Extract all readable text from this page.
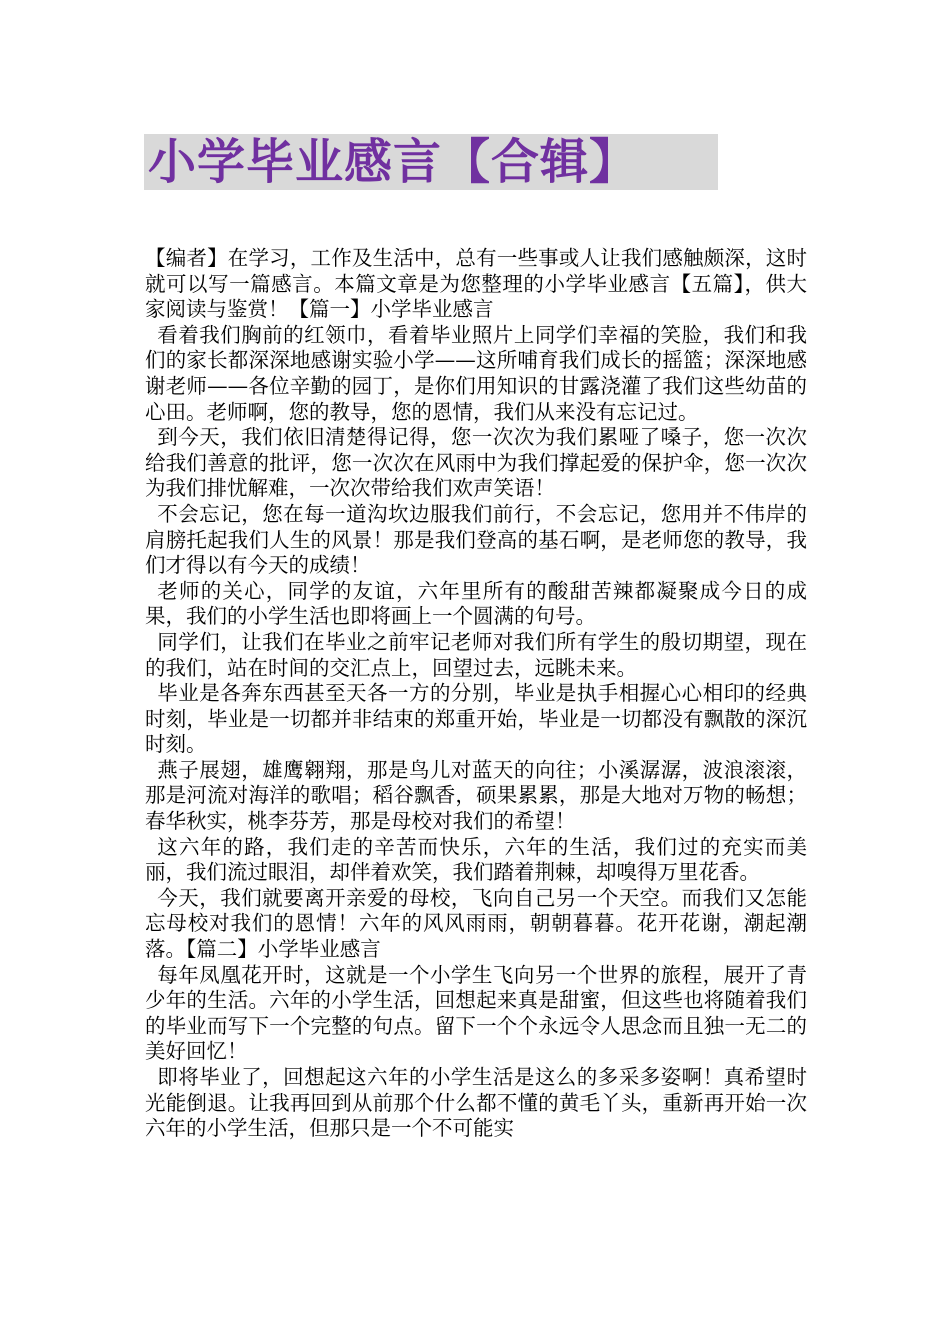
小学毕业感言【合辑】

【编者】在学习，工作及生活中，总有一些事或人让我们感触颇深，这时就可以写一篇感言。本篇文章是为您整理的小学毕业感言【五篇】，供大家阅读与鉴赏！【篇一】小学毕业感言

看着我们胸前的红领巾，看着毕业照片上同学们幸福的笑脸，我们和我们的家长都深深地感谢实验小学——这所哺育我们成长的摇篮；深深地感谢老师——各位辛勤的园丁，是你们用知识的甘露浇灌了我们这些幼苗的心田。老师啊，您的教导，您的恩情，我们从来没有忘记过。

到今天，我们依旧清楚得记得，您一次次为我们累哑了嗓子，您一次次给我们善意的批评，您一次次在风雨中为我们撑起爱的保护伞，您一次次为我们排忧解难，一次次带给我们欢声笑语！

不会忘记，您在每一道沟坎边服我们前行，不会忘记，您用并不伟岸的肩膀托起我们人生的风景！那是我们登高的基石啊，是老师您的教导，我们才得以有今天的成绩！

老师的关心，同学的友谊，六年里所有的酸甜苦辣都凝聚成今日的成果，我们的小学生活也即将画上一个圆满的句号。

同学们，让我们在毕业之前牢记老师对我们所有学生的殷切期望，现在的我们，站在时间的交汇点上，回望过去，远眺未来。

毕业是各奔东西甚至天各一方的分别，毕业是执手相握心心相印的经典时刻，毕业是一切都并非结束的郑重开始，毕业是一切都没有飘散的深沉时刻。

燕子展翅，雄鹰翱翔，那是鸟儿对蓝天的向往；小溪潺潺，波浪滚滚，那是河流对海洋的歌唱；稻谷飘香，硕果累累，那是大地对万物的畅想；春华秋实，桃李芬芳，那是母校对我们的希望！

这六年的路，我们走的辛苦而快乐，六年的生活，我们过的充实而美丽，我们流过眼泪，却伴着欢笑，我们踏着荆棘，却嗅得万里花香。

今天，我们就要离开亲爱的母校，飞向自己另一个天空。而我们又怎能忘母校对我们的恩情！六年的风风雨雨，朝朝暮暮。花开花谢，潮起潮落。【篇二】小学毕业感言

每年凤凰花开时，这就是一个小学生飞向另一个世界的旅程，展开了青少年的生活。六年的小学生活，回想起来真是甜蜜，但这些也将随着我们的毕业而写下一个完整的句点。留下一个个永远令人思念而且独一无二的美好回忆！

即将毕业了，回想起这六年的小学生活是这么的多采多姿啊！真希望时光能倒退。让我再回到从前那个什么都不懂的黄毛丫头，重新再开始一次六年的小学生活，但那只是一个不可能实
